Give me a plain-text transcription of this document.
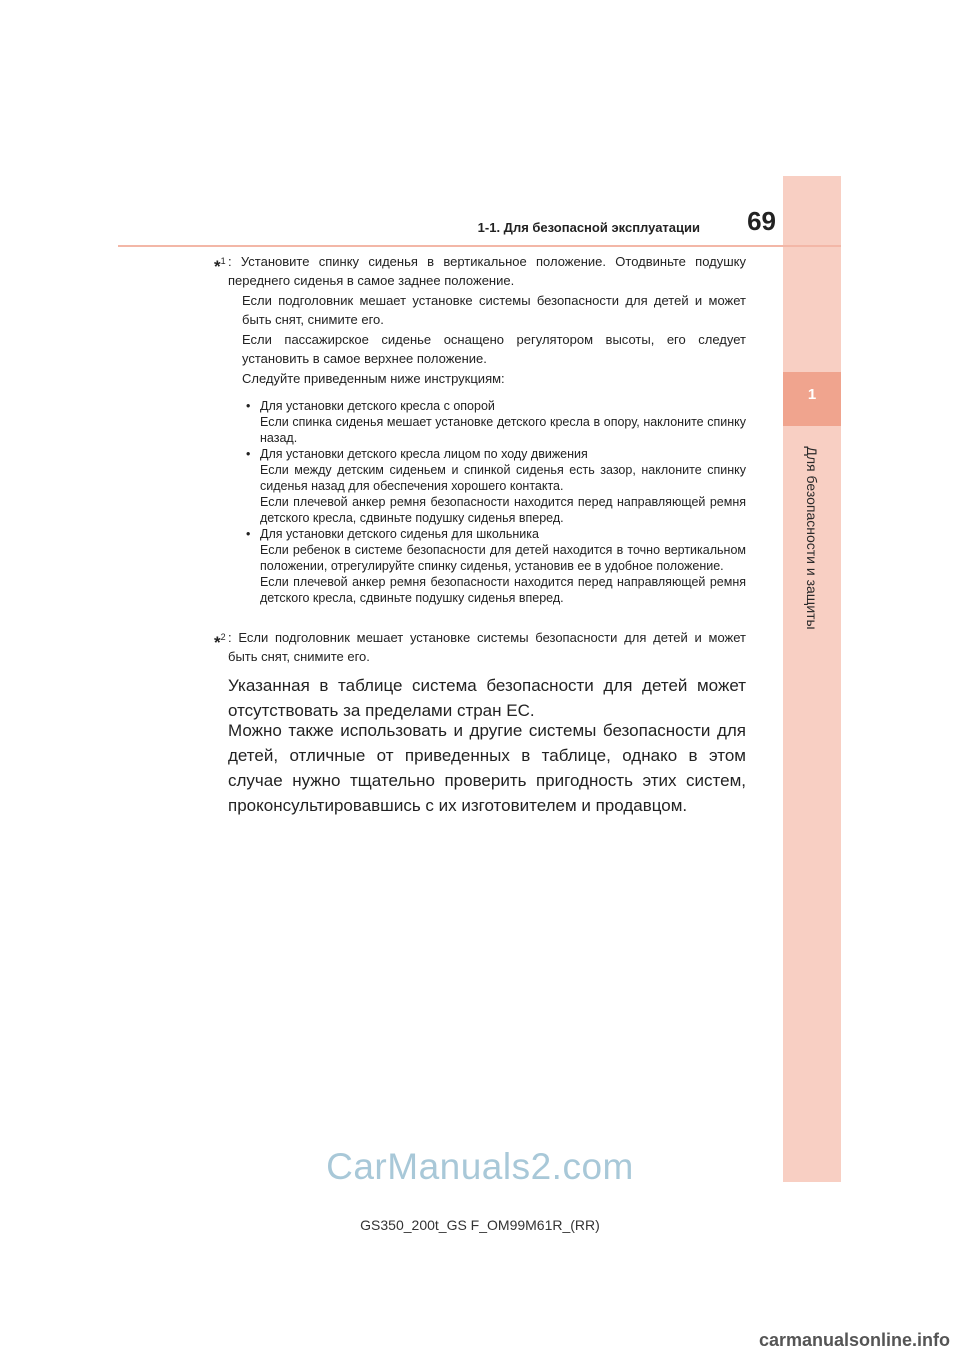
1
Для безопасности и защиты
1-1. Для безопасной эксплуатации	69
*$^1$ : Установите спинку сиденья в вертикальное положение. Отодвиньте подушку переднего сиденья в самое заднее положение.

Если подголовник мешает установке системы безопасности для детей и может быть снят, снимите его.

Если пассажирское сиденье оснащено регулятором высоты, его следует установить в самое верхнее положение.

Следуйте приведенным ниже инструкциям:

• Для установки детского кресла с опорой
Если спинка сиденья мешает установке детского кресла в опору, наклоните спинку назад.
• Для установки детского кресла лицом по ходу движения
Если между детским сиденьем и спинкой сиденья есть зазор, наклоните спинку сиденья назад для обеспечения хорошего контакта.
Если плечевой анкер ремня безопасности находится перед направляющей ремня детского кресла, сдвиньте подушку сиденья вперед.
• Для установки детского сиденья для школьника
Если ребенок в системе безопасности для детей находится в точно вертикальном положении, отрегулируйте спинку сиденья, установив ее в удобное положение.
Если плечевой анкер ремня безопасности находится перед направляющей ремня детского кресла, сдвиньте подушку сиденья вперед.
*$^2$ : Если подголовник мешает установке системы безопасности для детей и может быть снят, снимите его.

Указанная в таблице система безопасности для детей может отсутствовать за пределами стран ЕС.

Можно также использовать и другие системы безопасности для детей, отличные от приведенных в таблице, однако в этом случае нужно тщательно проверить пригодность этих систем, проконсультировавшись с их изготовителем и продавцом.

CarManuals2.com
GS350_200t_GS F_OM99M61R_(RR)
carmanualsonline.info
